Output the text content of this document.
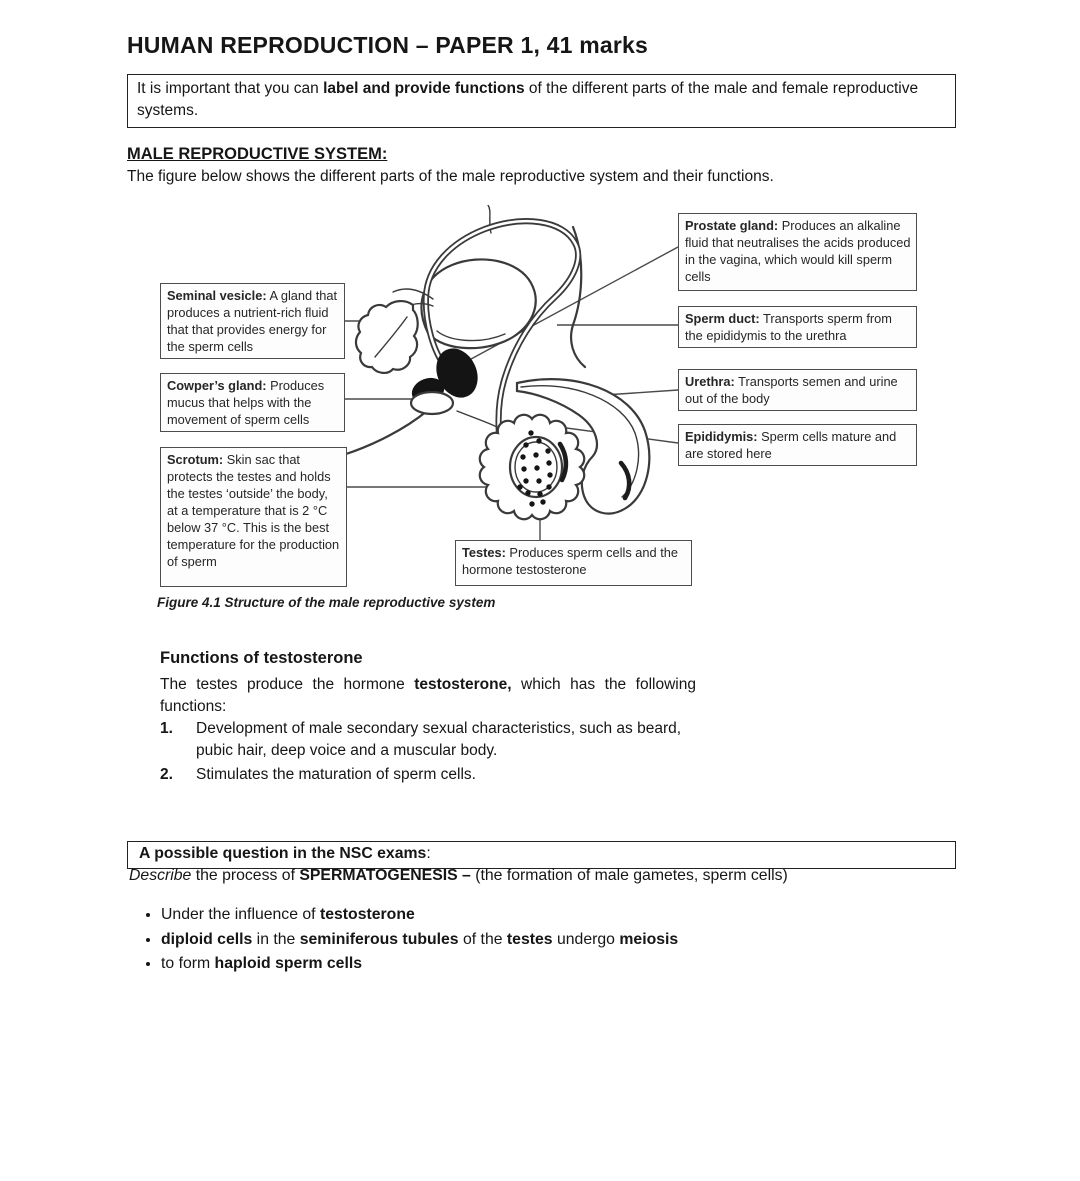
HUMAN REPRODUCTION – PAPER 1, 41 marks

It is important that you can label and provide functions of the different parts of the male and female reproductive systems.

MALE REPRODUCTIVE SYSTEM:

The figure below shows the different parts of the male reproductive system and their functions.

Seminal vesicle: A gland that produces a nutrient-rich fluid that that provides energy for the sperm cells
Cowper’s gland: Produces mucus that helps with the movement of sperm cells
Scrotum: Skin sac that protects the testes and holds the testes ‘outside’ the body, at a temperature that is 2 °C below 37 °C. This is the best temperature for the production of sperm
Prostate gland: Produces an alkaline fluid that neutralises the acids produced in the vagina, which would kill sperm cells
Sperm duct: Transports sperm from the epididymis to the urethra
Urethra: Transports semen and urine out of the body
Epididymis: Sperm cells mature and are stored here
Testes: Produces sperm cells and the hormone testosterone
Figure 4.1 Structure of the male reproductive system
Functions of testosterone

The testes produce the hormone testosterone, which has the following functions:

1.	Development of male secondary sexual characteristics, such as beard, pubic hair, deep voice and a muscular body.
2.	Stimulates the maturation of sperm cells.

A possible question in the NSC exams:

Describe the process of SPERMATOGENESIS – (the formation of male gametes, sperm cells)

• Under the influence of testosterone
• diploid cells in the seminiferous tubules of the testes undergo meiosis
• to form haploid sperm cells
